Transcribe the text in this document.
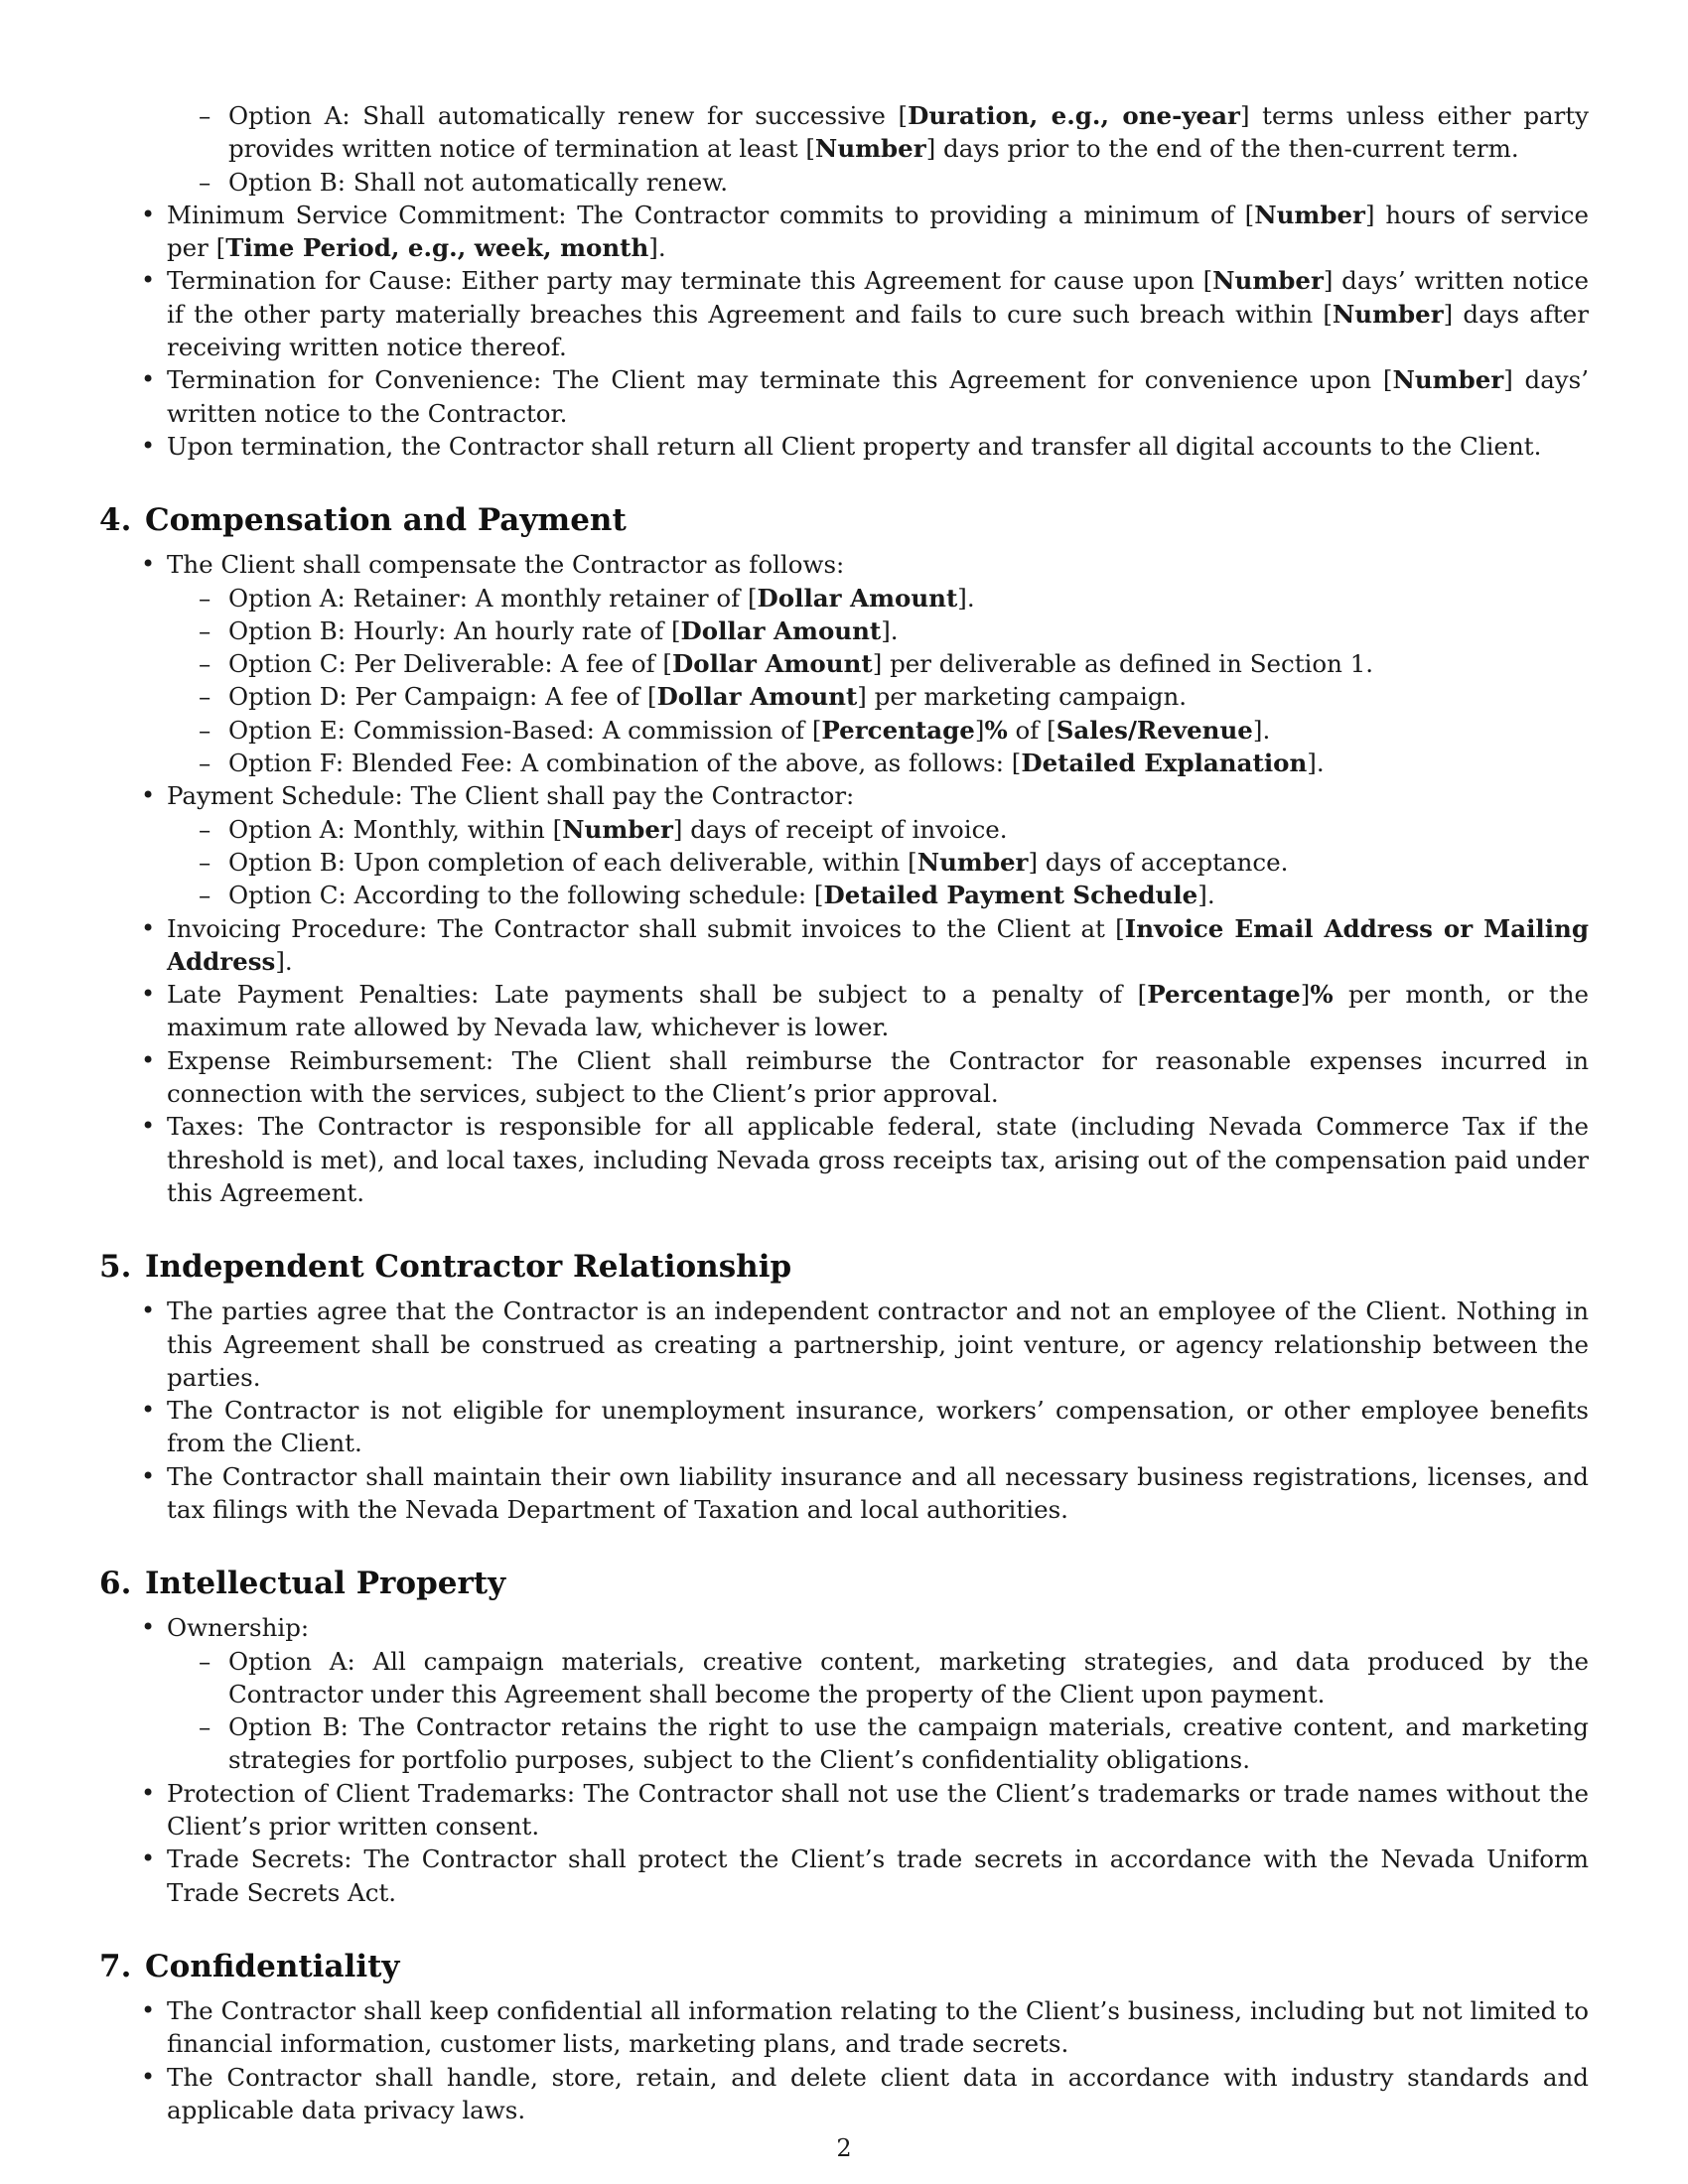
– Option A: Shall automatically renew for successive [Duration, e.g., one-year] terms unless either party provides written notice of termination at least [Number] days prior to the end of the then-current term.
– Option B: Shall not automatically renew.
• Minimum Service Commitment: The Contractor commits to providing a minimum of [Number] hours of service per [Time Period, e.g., week, month].
• Termination for Cause: Either party may terminate this Agreement for cause upon [Number] days’ written notice if the other party materially breaches this Agreement and fails to cure such breach within [Number] days after receiving written notice thereof.
• Termination for Convenience: The Client may terminate this Agreement for convenience upon [Number] days’ written notice to the Contractor.
• Upon termination, the Contractor shall return all Client property and transfer all digital accounts to the Client.
4. Compensation and Payment
• The Client shall compensate the Contractor as follows:
– Option A: Retainer: A monthly retainer of [Dollar Amount].
– Option B: Hourly: An hourly rate of [Dollar Amount].
– Option C: Per Deliverable: A fee of [Dollar Amount] per deliverable as defined in Section 1.
– Option D: Per Campaign: A fee of [Dollar Amount] per marketing campaign.
– Option E: Commission-Based: A commission of [Percentage]% of [Sales/Revenue].
– Option F: Blended Fee: A combination of the above, as follows: [Detailed Explanation].
• Payment Schedule: The Client shall pay the Contractor:
– Option A: Monthly, within [Number] days of receipt of invoice.
– Option B: Upon completion of each deliverable, within [Number] days of acceptance.
– Option C: According to the following schedule: [Detailed Payment Schedule].
• Invoicing Procedure: The Contractor shall submit invoices to the Client at [Invoice Email Address or Mailing Address].
• Late Payment Penalties: Late payments shall be subject to a penalty of [Percentage]% per month, or the maximum rate allowed by Nevada law, whichever is lower.
• Expense Reimbursement: The Client shall reimburse the Contractor for reasonable expenses incurred in connection with the services, subject to the Client’s prior approval.
• Taxes: The Contractor is responsible for all applicable federal, state (including Nevada Commerce Tax if the threshold is met), and local taxes, including Nevada gross receipts tax, arising out of the compensation paid under this Agreement.
5. Independent Contractor Relationship
• The parties agree that the Contractor is an independent contractor and not an employee of the Client. Nothing in this Agreement shall be construed as creating a partnership, joint venture, or agency relationship between the parties.
• The Contractor is not eligible for unemployment insurance, workers’ compensation, or other employee benefits from the Client.
• The Contractor shall maintain their own liability insurance and all necessary business registrations, licenses, and tax filings with the Nevada Department of Taxation and local authorities.
6. Intellectual Property
• Ownership:
– Option A: All campaign materials, creative content, marketing strategies, and data produced by the Contractor under this Agreement shall become the property of the Client upon payment.
– Option B: The Contractor retains the right to use the campaign materials, creative content, and marketing strategies for portfolio purposes, subject to the Client’s confidentiality obligations.
• Protection of Client Trademarks: The Contractor shall not use the Client’s trademarks or trade names without the Client’s prior written consent.
• Trade Secrets: The Contractor shall protect the Client’s trade secrets in accordance with the Nevada Uniform Trade Secrets Act.
7. Confidentiality
• The Contractor shall keep confidential all information relating to the Client’s business, including but not limited to financial information, customer lists, marketing plans, and trade secrets.
• The Contractor shall handle, store, retain, and delete client data in accordance with industry standards and applicable data privacy laws.
2
